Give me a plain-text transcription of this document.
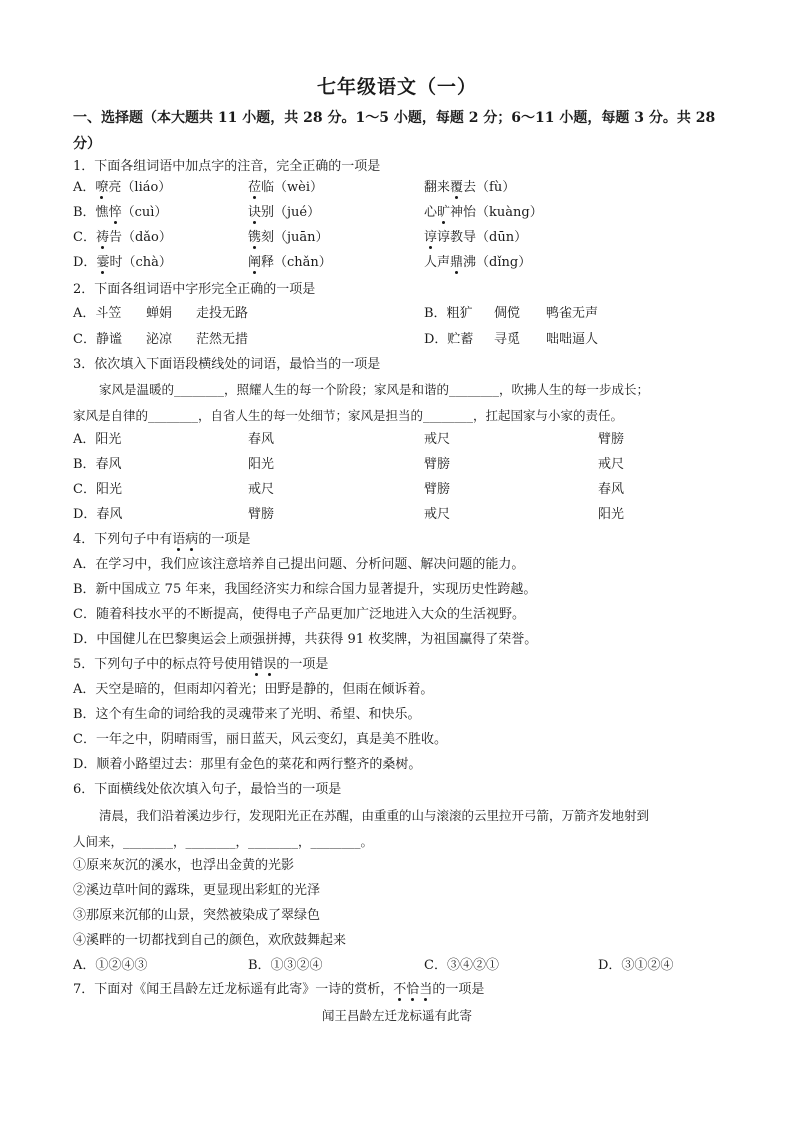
七年级语文（一）
一、选择题（本大题共 11 小题，共 28 分。1～5 小题，每题 2 分；6～11 小题，每题 3 分。共 28 分）
1．下面各组词语中加点字的注音，完全正确的一项是
A．嘹亮（liáo）	莅临（wèi）	翻来覆去（fù）
B．憔悴（cuì）	诀别（jué）	心旷神怡（kuàng）
C．祷告（dǎo）	镌刻（juān）	谆谆教导（dūn）
D．霎时（chà）	阐释（chǎn）	人声鼎沸（dǐng）
2．下面各组词语中字形完全正确的一项是
A．斗笠 蝉娟 走投无路	B．粗犷 倜傥 鸭雀无声
C．静谧 泌凉 茫然无措	D．贮蓄 寻觅 咄咄逼人
3．依次填入下面语段横线处的词语，最恰当的一项是
家风是温暖的________，照耀人生的每一个阶段；家风是和谐的________，吹拂人生的每一步成长；
家风是自律的________，自省人生的每一处细节；家风是担当的________，扛起国家与小家的责任。
A．阳光	春风	戒尺	臂膀
B．春风	阳光	臂膀	戒尺
C．阳光	戒尺	臂膀	春风
D．春风	臂膀	戒尺	阳光
4．下列句子中有语病的一项是
A．在学习中，我们应该注意培养自己提出问题、分析问题、解决问题的能力。
B．新中国成立 75 年来，我国经济实力和综合国力显著提升，实现历史性跨越。
C．随着科技水平的不断提高，使得电子产品更加广泛地进入大众的生活视野。
D．中国健儿在巴黎奥运会上顽强拼搏，共获得 91 枚奖牌，为祖国赢得了荣誉。
5．下列句子中的标点符号使用错误的一项是
A．天空是暗的，但雨却闪着光；田野是静的，但雨在倾诉着。
B．这个有生命的词给我的灵魂带来了光明、希望、和快乐。
C．一年之中，阴晴雨雪，丽日蓝天，风云变幻，真是美不胜收。
D．顺着小路望过去：那里有金色的菜花和两行整齐的桑树。
6．下面横线处依次填入句子，最恰当的一项是
清晨，我们沿着溪边步行，发现阳光正在苏醒，由重重的山与滚滚的云里拉开弓箭，万箭齐发地射到
人间来，________，________，________，________。
①原来灰沉的溪水，也浮出金黄的光影
②溪边草叶间的露珠，更显现出彩虹的光泽
③那原来沉郁的山景，突然被染成了翠绿色
④溪畔的一切都找到自己的颜色，欢欣鼓舞起来
A．①②④③	B．①③②④	C．③④②①	D．③①②④
7．下面对《闻王昌龄左迁龙标遥有此寄》一诗的赏析，不恰当的一项是
闻王昌龄左迁龙标遥有此寄
